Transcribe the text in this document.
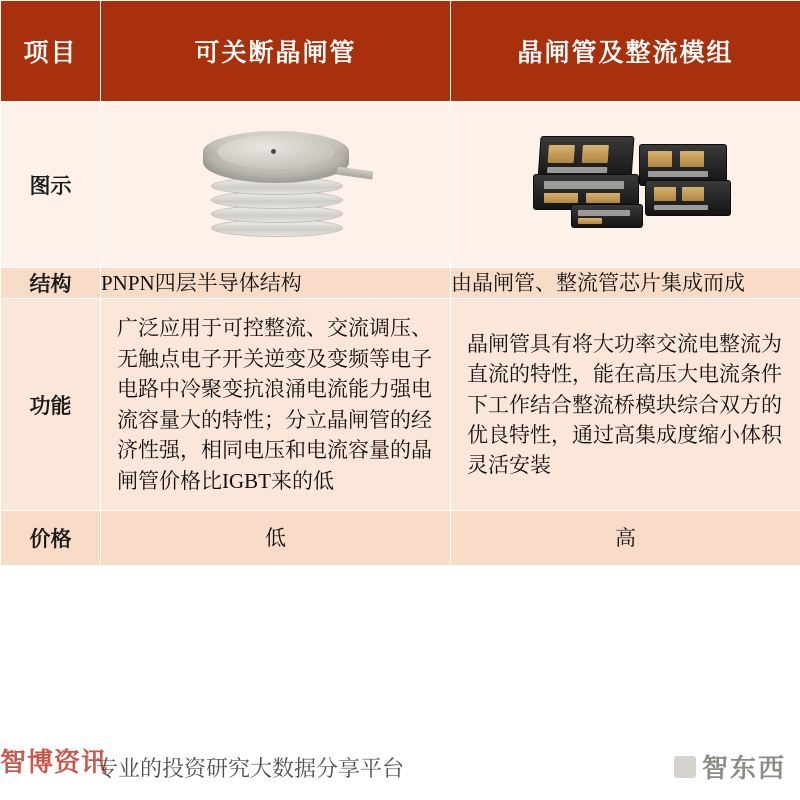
项目	可关断晶闸管	晶闸管及整流模组
图示	

结构	PNPN四层半导体结构	由晶闸管、整流管芯片集成而成
功能	广泛应用于可控整流、交流调压、无触点电子开关逆变及变频等电子电路中冷聚变抗浪涌电流能力强电流容量大的特性；分立晶闸管的经济性强，相同电压和电流容量的晶闸管价格比IGBT来的低	晶闸管具有将大功率交流电整流为直流的特性，能在高压大电流条件下工作结合整流桥模块综合双方的优良特性，通过高集成度缩小体积灵活安装
价格	低	高
智博资讯
专业的投资研究大数据分享平台	智东西
